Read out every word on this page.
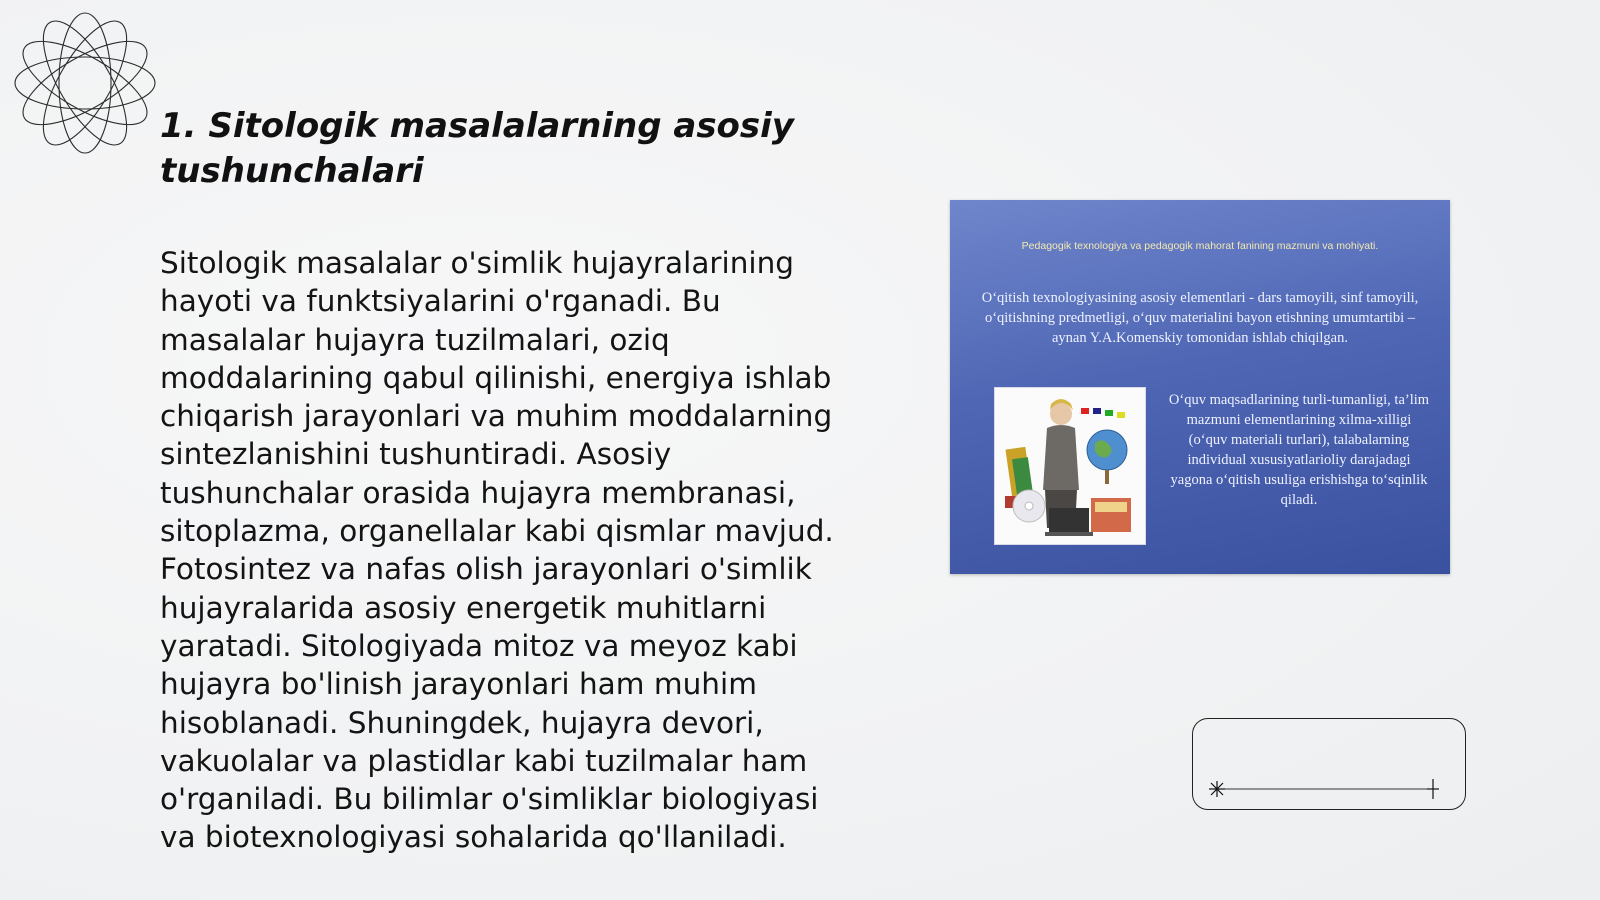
1. Sitologik masalalarning asosiy tushunchalari

Sitologik masalalar o'simlik hujayralarining hayoti va funktsiyalarini o'rganadi. Bu masalalar hujayra tuzilmalari, oziq moddalarining qabul qilinishi, energiya ishlab chiqarish jarayonlari va muhim moddalarning sintezlanishini tushuntiradi. Asosiy tushunchalar orasida hujayra membranasi, sitoplazma, organellalar kabi qismlar mavjud. Fotosintez va nafas olish jarayonlari o'simlik hujayralarida asosiy energetik muhitlarni yaratadi. Sitologiyada mitoz va meyoz kabi hujayra bo'linish jarayonlari ham muhim hisoblanadi. Shuningdek, hujayra devori, vakuolalar va plastidlar kabi tuzilmalar ham o'rganiladi. Bu bilimlar o'simliklar biologiyasi va biotexnologiyasi sohalarida qo'llaniladi.

Pedagogik texnologiya va pedagogik mahorat fanining mazmuni va mohiyati.
O‘qitish texnologiyasining asosiy elementlari - dars tamoyili, sinf tamoyili, o‘qitishning predmetligi, o‘quv materialini bayon etishning umumtartibi – aynan Y.A.Komenskiy tomonidan ishlab chiqilgan.
O‘quv maqsadlarining turli-tumanligi, ta’lim mazmuni elementlarining xilma-xilligi (o‘quv materiali turlari), talabalarning individual xususiyatlarioliy darajadagi yagona o‘qitish usuliga erishishga to‘sqinlik qiladi.
